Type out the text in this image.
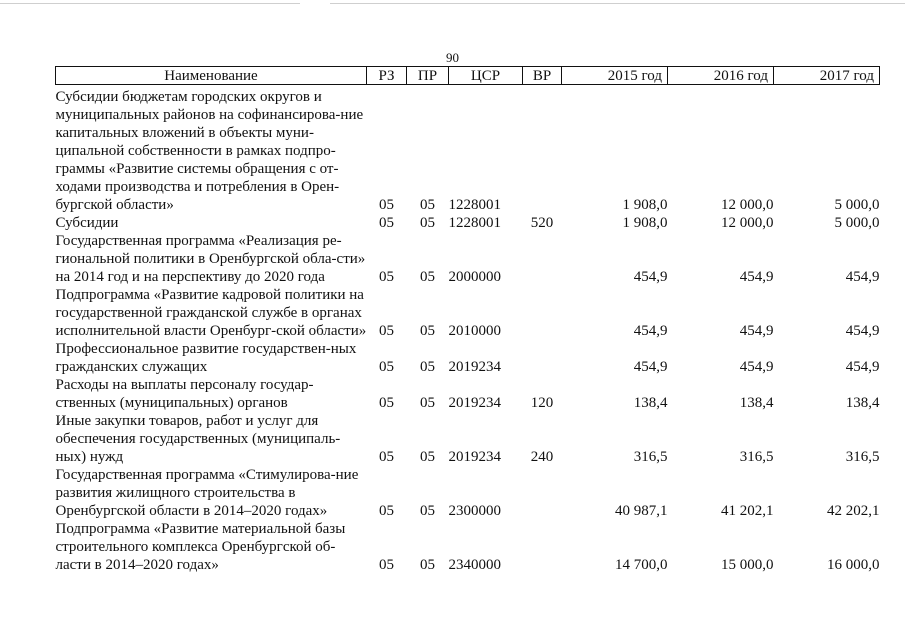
90
Наименование	РЗ	ПР	ЦСР	ВР	2015 год	2016 год	2017 год

Субсидии бюджетам городских округов и муниципальных районов на софинансирова-ние капитальных вложений в объекты муни-ципальной собственности в рамках подпро-граммы «Развитие системы обращения с от-ходами производства и потребления в Орен-бургской области»	05	05	1228001		1 908,0	12 000,0	5 000,0
Субсидии	05	05	1228001	520	1 908,0	12 000,0	5 000,0
Государственная программа «Реализация ре-гиональной политики в Оренбургской обла-сти» на 2014 год и на перспективу до 2020 года	05	05	2000000		454,9	454,9	454,9
Подпрограмма «Развитие кадровой политики на государственной гражданской службе в органах исполнительной власти Оренбург-ской области»	05	05	2010000		454,9	454,9	454,9
Профессиональное развитие государствен-ных гражданских служащих	05	05	2019234		454,9	454,9	454,9
Расходы на выплаты персоналу государ-ственных (муниципальных) органов	05	05	2019234	120	138,4	138,4	138,4
Иные закупки товаров, работ и услуг для обеспечения государственных (муниципаль-ных) нужд	05	05	2019234	240	316,5	316,5	316,5
Государственная программа «Стимулирова-ние развития жилищного строительства в Оренбургской области в 2014–2020 годах»	05	05	2300000		40 987,1	41 202,1	42 202,1
Подпрограмма «Развитие материальной базы строительного комплекса Оренбургской об-ласти в 2014–2020 годах»	05	05	2340000		14 700,0	15 000,0	16 000,0
